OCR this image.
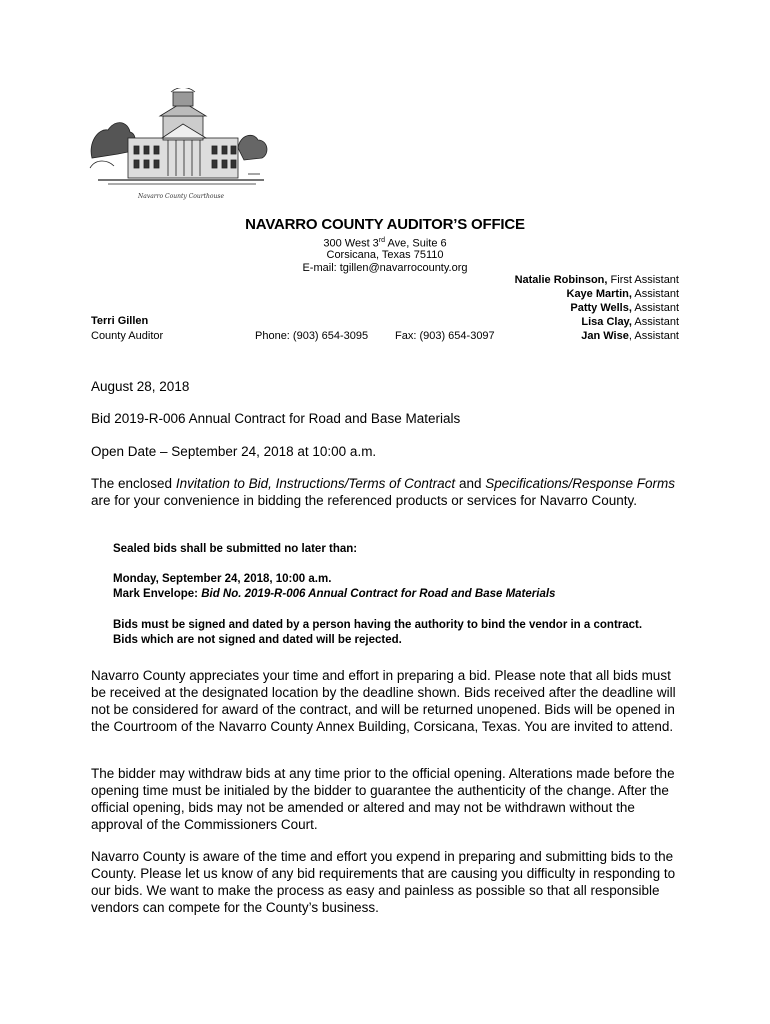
Navarro County Courthouse
NAVARRO COUNTY AUDITOR’S OFFICE
300 West 3rd Ave, Suite 6
Corsicana, Texas 75110
E-mail: tgillen@navarrocounty.org
Natalie Robinson, First Assistant
Kaye Martin, Assistant
Patty Wells, Assistant
Lisa Clay, Assistant
Jan Wise, Assistant
Terri Gillen
County Auditor	Phone: (903) 654-3095 Fax: (903) 654-3097
August 28, 2018
Bid 2019-R-006 Annual Contract for Road and Base Materials
Open Date – September 24, 2018 at 10:00 a.m.
The enclosed Invitation to Bid, Instructions/Terms of Contract and Specifications/Response Forms are for your convenience in bidding the referenced products or services for Navarro County.
Sealed bids shall be submitted no later than:
Monday, September 24, 2018, 10:00 a.m.
Mark Envelope: Bid No. 2019-R-006 Annual Contract for Road and Base Materials
Bids must be signed and dated by a person having the authority to bind the vendor in a contract. Bids which are not signed and dated will be rejected.
Navarro County appreciates your time and effort in preparing a bid. Please note that all bids must be received at the designated location by the deadline shown. Bids received after the deadline will not be considered for award of the contract, and will be returned unopened. Bids will be opened in the Courtroom of the Navarro County Annex Building, Corsicana, Texas. You are invited to attend.
The bidder may withdraw bids at any time prior to the official opening. Alterations made before the opening time must be initialed by the bidder to guarantee the authenticity of the change. After the official opening, bids may not be amended or altered and may not be withdrawn without the approval of the Commissioners Court.
Navarro County is aware of the time and effort you expend in preparing and submitting bids to the County. Please let us know of any bid requirements that are causing you difficulty in responding to our bids. We want to make the process as easy and painless as possible so that all responsible vendors can compete for the County’s business.
